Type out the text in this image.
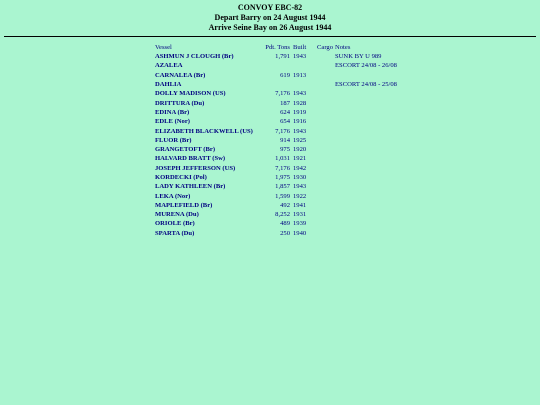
CONVOY EBC-82
Depart Barry on 24 August 1944
Arrive Seine Bay on 26 August 1944
Vessel	Pdt. Tons	Built	Cargo	Notes
ASHMUN J CLOUGH (Br)	1,791	1943		SUNK BY U 989
AZALEA				ESCORT 24/08 - 26/08
CARNALEA (Br)	619	1913		
DAHLIA				ESCORT 24/08 - 25/08
DOLLY MADISON (US)	7,176	1943		
DRITTURA (Du)	187	1928		
EDINA (Br)	624	1919		
EDLE (Nor)	654	1916		
ELIZABETH BLACKWELL (US)	7,176	1943		
FLUOR (Br)	914	1925		
GRANGETOFT (Br)	975	1920		
HALVARD BRATT (Sw)	1,031	1921		
JOSEPH JEFFERSON (US)	7,176	1942		
KORDECKI (Pol)	1,975	1930		
LADY KATHLEEN (Br)	1,857	1943		
LEKA (Nor)	1,599	1922		
MAPLEFIELD (Br)	492	1941		
MURENA (Du)	8,252	1931		
ORIOLE (Br)	489	1939		
SPARTA (Du)	250	1940		
